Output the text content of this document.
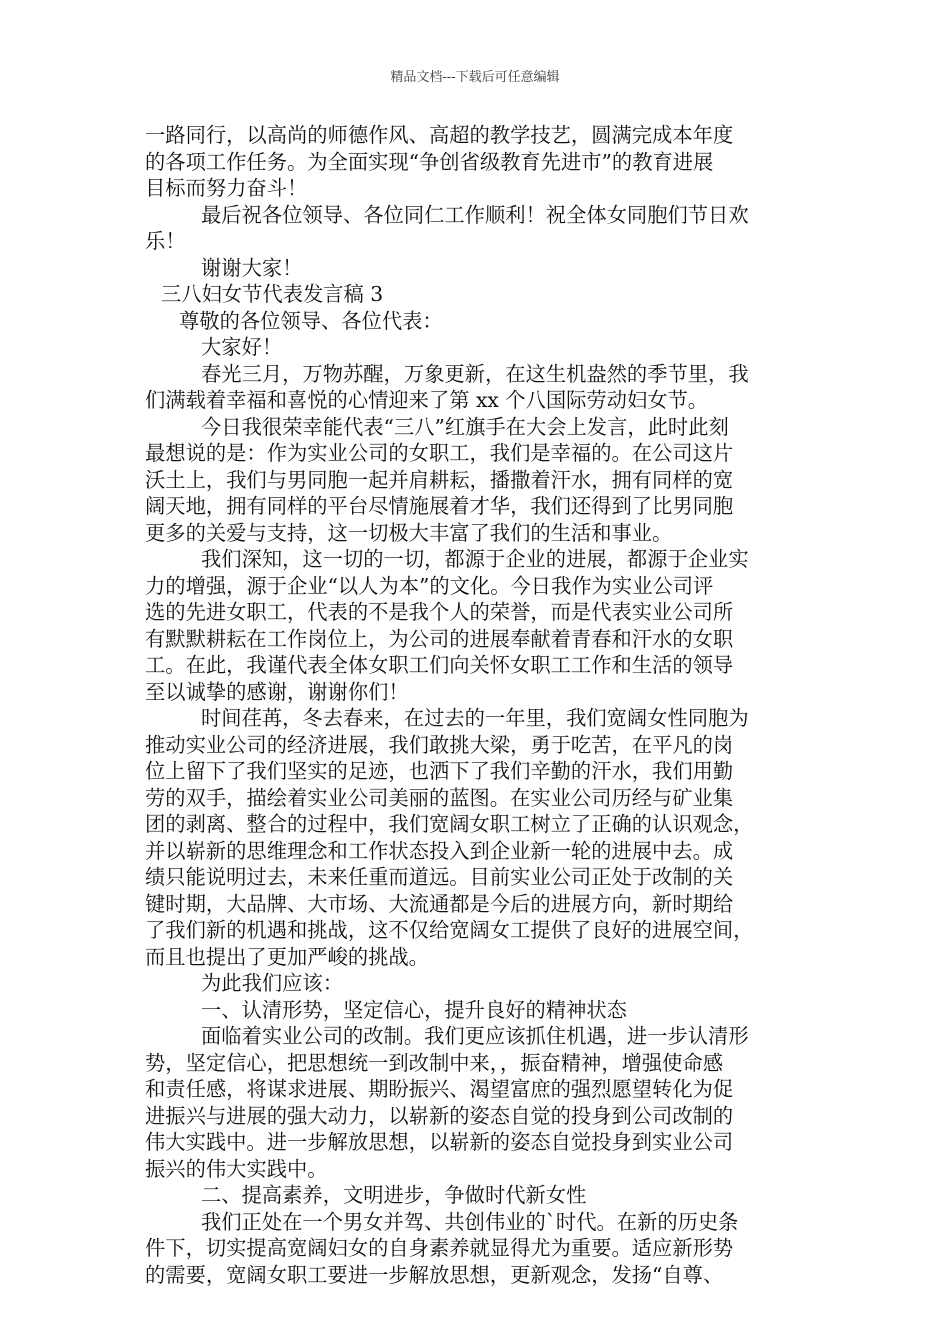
精品文档---下载后可任意编辑
一路同行，以高尚的师德作风、高超的教学技艺，圆满完成本年度
的各项工作任务。为全面实现“争创省级教育先进市”的教育进展
目标而努力奋斗！
最后祝各位领导、各位同仁工作顺利！祝全体女同胞们节日欢
乐！
谢谢大家！
三八妇女节代表发言稿 3
尊敬的各位领导、各位代表：
大家好！
春光三月，万物苏醒，万象更新，在这生机盎然的季节里，我
们满载着幸福和喜悦的心情迎来了第 xx 个八国际劳动妇女节。
今日我很荣幸能代表“三八”红旗手在大会上发言，此时此刻
最想说的是：作为实业公司的女职工，我们是幸福的。在公司这片
沃土上，我们与男同胞一起并肩耕耘，播撒着汗水，拥有同样的宽
阔天地，拥有同样的平台尽情施展着才华，我们还得到了比男同胞
更多的关爱与支持，这一切极大丰富了我们的生活和事业。
我们深知，这一切的一切，都源于企业的进展，都源于企业实
力的增强，源于企业“以人为本”的文化。今日我作为实业公司评
选的先进女职工，代表的不是我个人的荣誉，而是代表实业公司所
有默默耕耘在工作岗位上，为公司的进展奉献着青春和汗水的女职
工。在此，我谨代表全体女职工们向关怀女职工工作和生活的领导
至以诚挚的感谢，谢谢你们！
时间荏苒，冬去春来，在过去的一年里，我们宽阔女性同胞为
推动实业公司的经济进展，我们敢挑大梁，勇于吃苦，在平凡的岗
位上留下了我们坚实的足迹，也洒下了我们辛勤的汗水，我们用勤
劳的双手，描绘着实业公司美丽的蓝图。在实业公司历经与矿业集
团的剥离、整合的过程中，我们宽阔女职工树立了正确的认识观念，
并以崭新的思维理念和工作状态投入到企业新一轮的进展中去。成
绩只能说明过去，未来任重而道远。目前实业公司正处于改制的关
键时期，大品牌、大市场、大流通都是今后的进展方向，新时期给
了我们新的机遇和挑战，这不仅给宽阔女工提供了良好的进展空间，
而且也提出了更加严峻的挑战。
为此我们应该：
一、认清形势，坚定信心，提升良好的精神状态
面临着实业公司的改制。我们更应该抓住机遇，进一步认清形
势，坚定信心，把思想统一到改制中来，，振奋精神，增强使命感
和责任感，将谋求进展、期盼振兴、渴望富庶的强烈愿望转化为促
进振兴与进展的强大动力，以崭新的姿态自觉的投身到公司改制的
伟大实践中。进一步解放思想，以崭新的姿态自觉投身到实业公司
振兴的伟大实践中。
二、提高素养，文明进步，争做时代新女性
我们正处在一个男女并驾、共创伟业的`时代。在新的历史条
件下，切实提高宽阔妇女的自身素养就显得尤为重要。适应新形势
的需要，宽阔女职工要进一步解放思想，更新观念，发扬“自尊、
